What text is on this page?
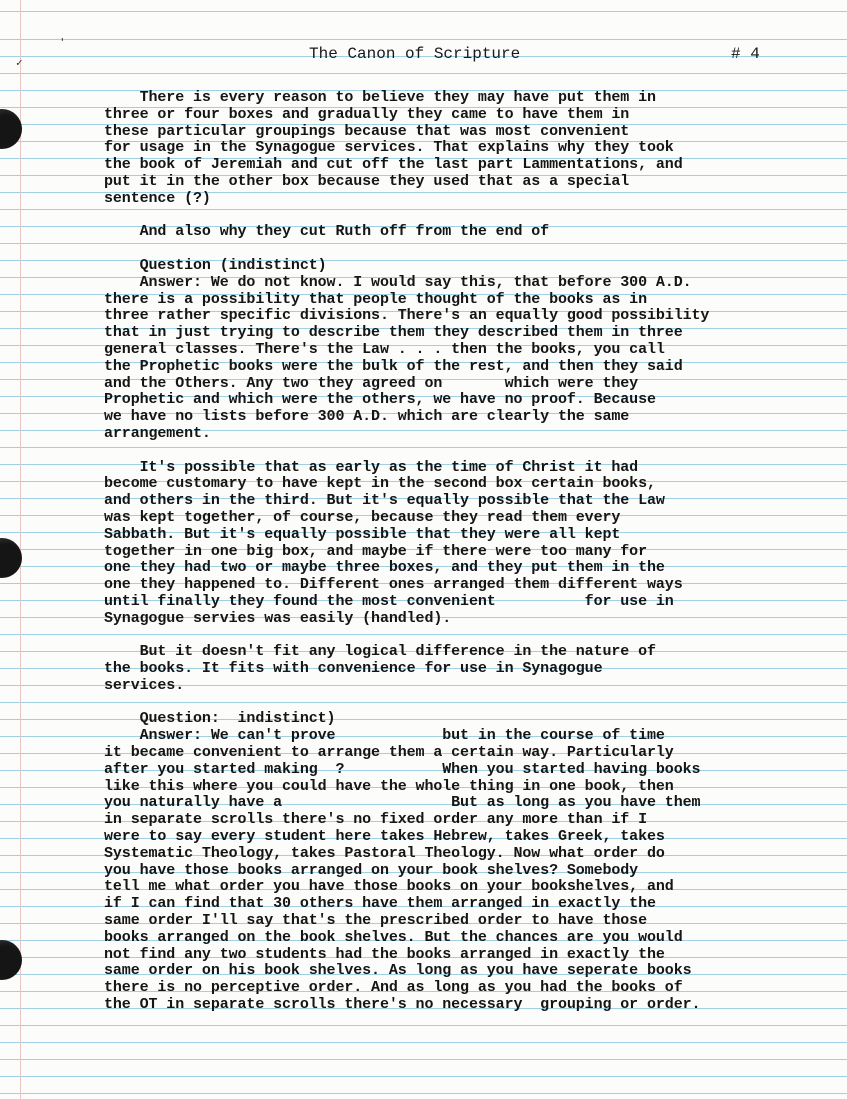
'
✓	The Canon of Scripture	# 4
There is every reason to believe they may have put them in
three or four boxes and gradually they came to have them in
these particular groupings because that was most convenient
for usage in the Synagogue services. That explains why they took
the book of Jeremiah and cut off the last part Lammentations, and
put it in the other box because they used that as a special
sentence (?)
And also why they cut Ruth off from the end of
Question (indistinct)
Answer: We do not know. I would say this, that before 300 A.D.
there is a possibility that people thought of the books as in
three rather specific divisions. There's an equally good possibility
that in just trying to describe them they described them in three
general classes. There's the Law . . . then the books, you call
the Prophetic books were the bulk of the rest, and then they said
and the Others. Any two they agreed on       which were they
Prophetic and which were the others, we have no proof. Because
we have no lists before 300 A.D. which are clearly the same
arrangement.
It's possible that as early as the time of Christ it had
become customary to have kept in the second box certain books,
and others in the third. But it's equally possible that the Law
was kept together, of course, because they read them every
Sabbath. But it's equally possible that they were all kept
together in one big box, and maybe if there were too many for
one they had two or maybe three boxes, and they put them in the
one they happened to. Different ones arranged them different ways
until finally they found the most convenient          for use in
Synagogue servies was easily (handled).
But it doesn't fit any logical difference in the nature of
the books. It fits with convenience for use in Synagogue
services.
Question:  indistinct)
Answer: We can't prove            but in the course of time
it became convenient to arrange them a certain way. Particularly
after you started making  ?           When you started having books
like this where you could have the whole thing in one book, then
you naturally have a                   But as long as you have them
in separate scrolls there's no fixed order any more than if I
were to say every student here takes Hebrew, takes Greek, takes
Systematic Theology, takes Pastoral Theology. Now what order do
you have those books arranged on your book shelves? Somebody
tell me what order you have those books on your bookshelves, and
if I can find that 30 others have them arranged in exactly the
same order I'll say that's the prescribed order to have those
books arranged on the book shelves. But the chances are you would
not find any two students had the books arranged in exactly the
same order on his book shelves. As long as you have seperate books
there is no perceptive order. And as long as you had the books of
the OT in separate scrolls there's no necessary  grouping or order.
